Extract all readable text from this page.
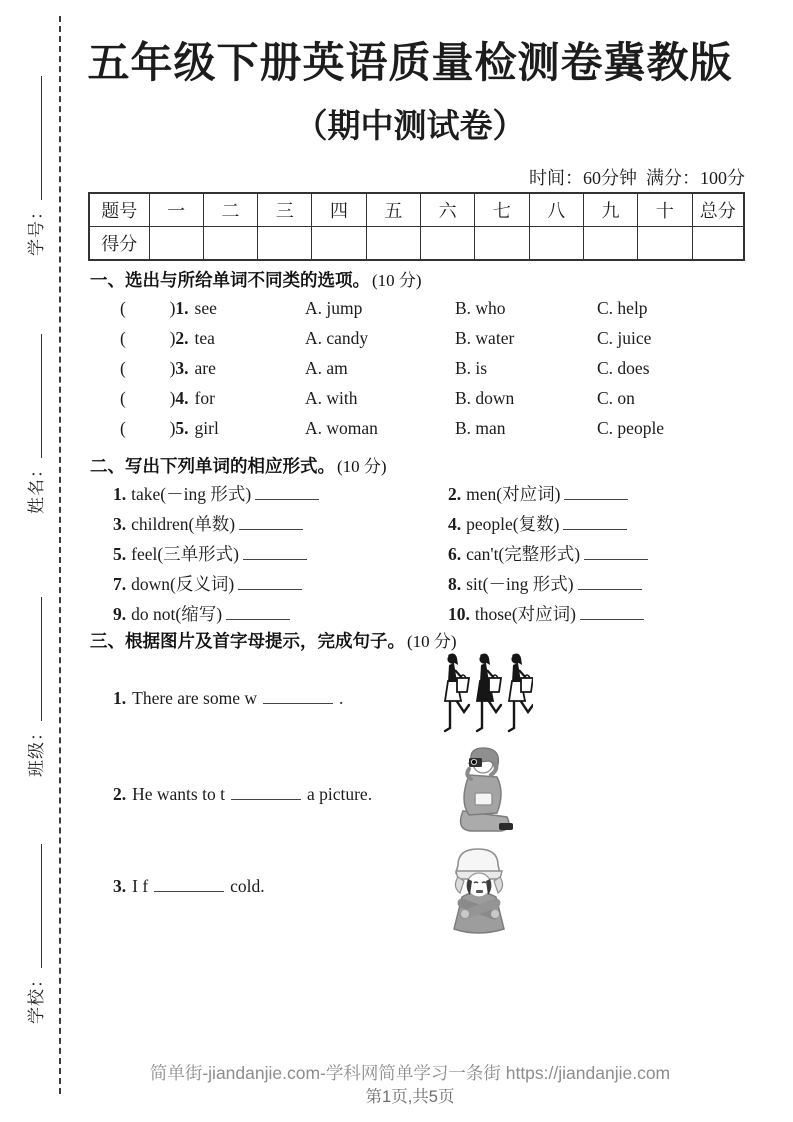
学号：
姓名：
班级：
学校：
五年级下册英语质量检测卷冀教版
（期中测试卷）
时间：60分钟  满分：100分
题号	一	二	三	四	五	六	七	八	九	十	总分
得分											
一、选出与所给单词不同类的选项。 (10 分)
(          )1. see	A. jump	B. who	C. help
(          )2. tea	A. candy	B. water	C. juice
(          )3. are	A. am	B. is	C. does
(          )4. for	A. with	B. down	C. on
(          )5. girl	A. woman	B. man	C. people
二、写出下列单词的相应形式。 (10 分)
1. take(－ing 形式)	2. men(对应词)
3. children(单数)	4. people(复数)
5. feel(三单形式)	6. can't(完整形式)
7. down(反义词)	8. sit(－ing 形式)
9. do not(缩写)	10. those(对应词)
三、根据图片及首字母提示，完成句子。 (10 分)
1. There are some w	.
2. He wants to t	a picture.
3. I f	cold.
简单街-jiandanjie.com-学科网简单学习一条街 https://jiandanjie.com
第1页,共5页
